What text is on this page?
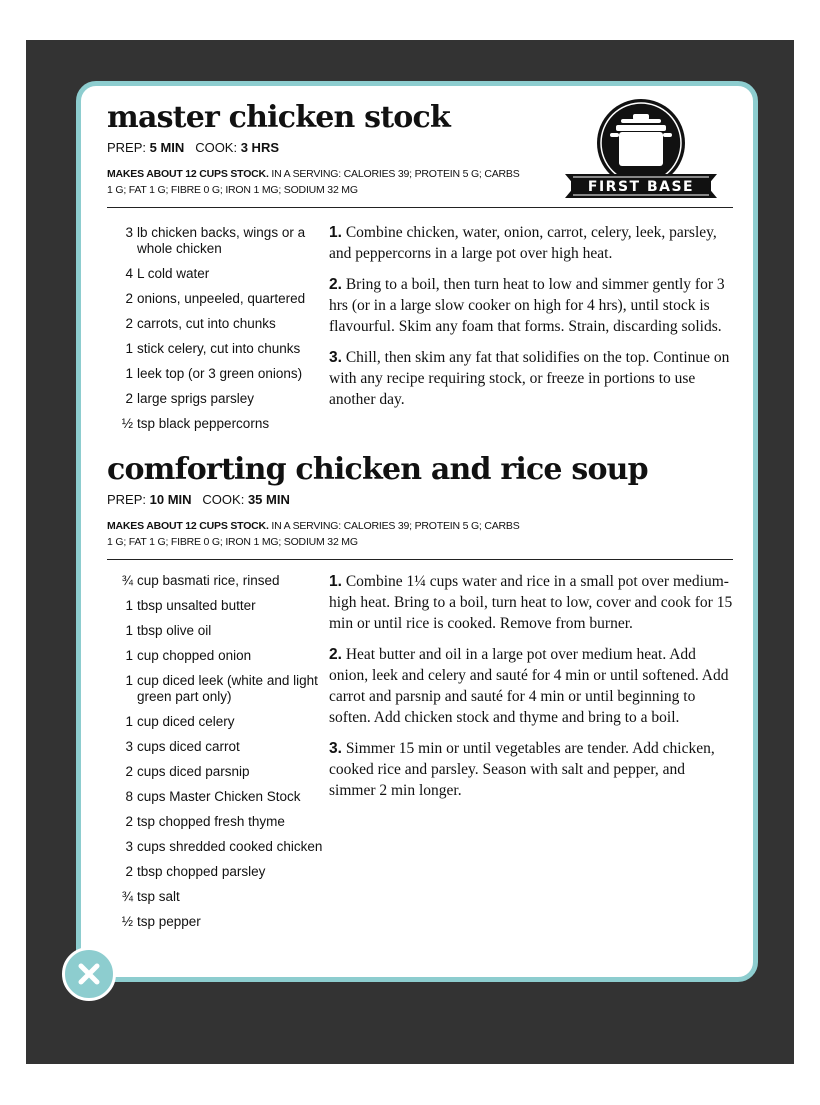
master chicken stock
PREP: 5 MIN COOK: 3 HRS
MAKES ABOUT 12 CUPS STOCK. IN A SERVING: CALORIES 39; PROTEIN 5 G; CARBS 1 G; FAT 1 G; FIBRE 0 G; IRON 1 MG; SODIUM 32 MG
3 lb chicken backs, wings or a whole chicken
4 L cold water
2 onions, unpeeled, quartered
2 carrots, cut into chunks
1 stick celery, cut into chunks
1 leek top (or 3 green onions)
2 large sprigs parsley
½ tsp black peppercorns

1. Combine chicken, water, onion, carrot, celery, leek, parsley, and peppercorns in a large pot over high heat.

2. Bring to a boil, then turn heat to low and simmer gently for 3 hrs (or in a large slow cooker on high for 4 hrs), until stock is flavourful. Skim any foam that forms. Strain, discarding solids.

3. Chill, then skim any fat that solidifies on the top. Continue on with any recipe requiring stock, or freeze in portions to use another day.

FIRST BASE
comforting chicken and rice soup
PREP: 10 MIN COOK: 35 MIN
MAKES ABOUT 12 CUPS STOCK. IN A SERVING: CALORIES 39; PROTEIN 5 G; CARBS 1 G; FAT 1 G; FIBRE 0 G; IRON 1 MG; SODIUM 32 MG
¾ cup basmati rice, rinsed
1 tbsp unsalted butter
1 tbsp olive oil
1 cup chopped onion
1 cup diced leek (white and light green part only)
1 cup diced celery
3 cups diced carrot
2 cups diced parsnip
8 cups Master Chicken Stock
2 tsp chopped fresh thyme
3 cups shredded cooked chicken
2 tbsp chopped parsley
¾ tsp salt
½ tsp pepper

1. Combine 1¼ cups water and rice in a small pot over medium-high heat. Bring to a boil, turn heat to low, cover and cook for 15 min or until rice is cooked. Remove from burner.

2. Heat butter and oil in a large pot over medium heat. Add onion, leek and celery and sauté for 4 min or until softened. Add carrot and parsnip and sauté for 4 min or until beginning to soften. Add chicken stock and thyme and bring to a boil.

3. Simmer 15 min or until vegetables are tender. Add chicken, cooked rice and parsley. Season with salt and pepper, and simmer 2 min longer.
